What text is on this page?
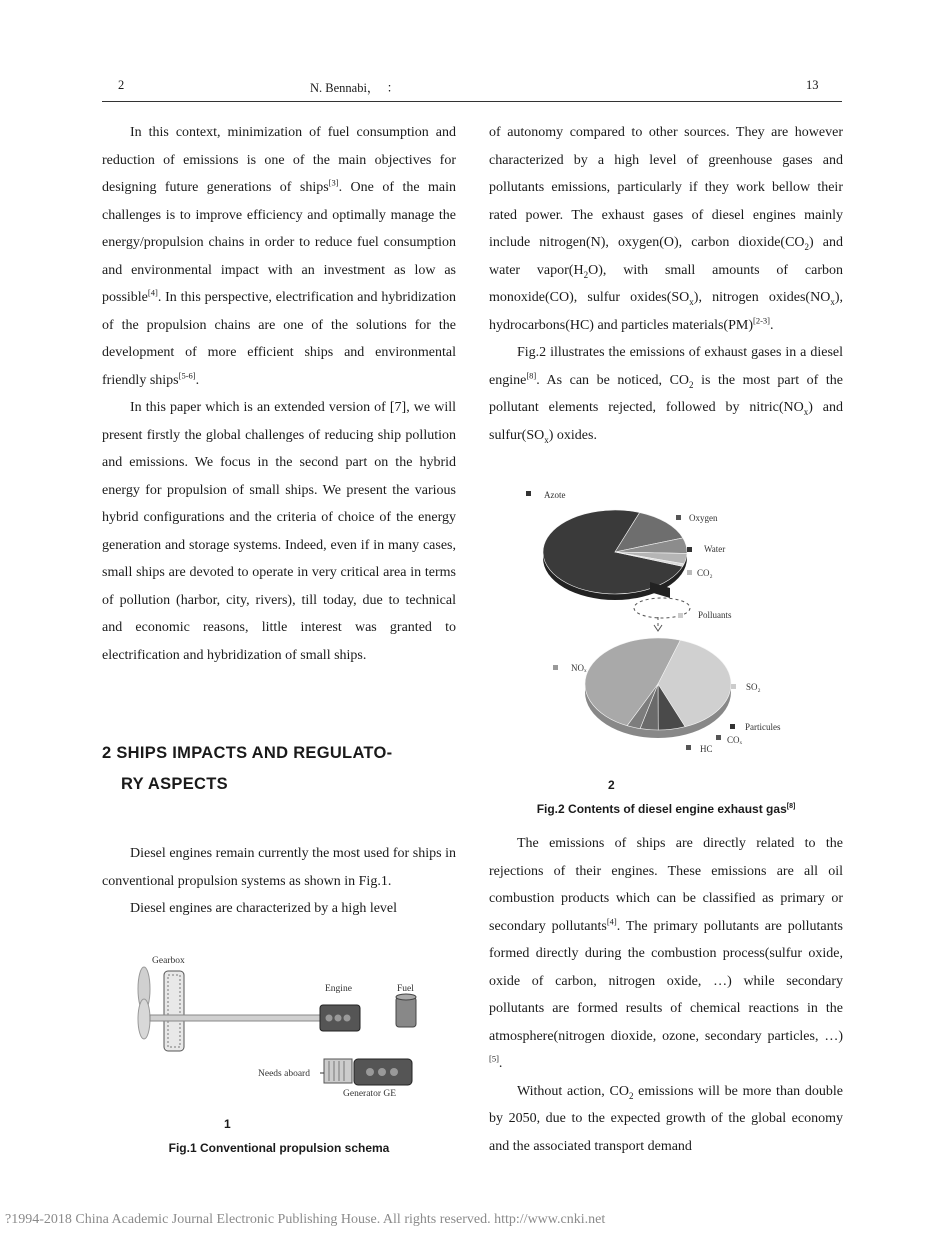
2	N. Bennabi， ：	13

In this context, minimization of fuel consumption and reduction of emissions is one of the main objectives for designing future generations of ships[3]. One of the main challenges is to improve efficiency and optimally manage the energy/propulsion chains in order to reduce fuel consumption and environmental impact with an investment as low as possible[4]. In this perspective, electrification and hybridization of the propulsion chains are one of the solutions for the development of more efficient ships and environmental friendly ships[5-6].

In this paper which is an extended version of [7], we will present firstly the global challenges of reducing ship pollution and emissions. We focus in the second part on the hybrid energy for propulsion of small ships. We present the various hybrid configurations and the criteria of choice of the energy generation and storage systems. Indeed, even if in many cases, small ships are devoted to operate in very critical area in terms of pollution (harbor, city, rivers), till today, due to technical and economic reasons, little interest was granted to electrification and hybridization of small ships.

2 SHIPS IMPACTS AND REGULATO-
RY ASPECTS

Diesel engines remain currently the most used for ships in conventional propulsion systems as shown in Fig.1.

Diesel engines are characterized by a high level

Gearbox
Engine	Fuel
Needs aboard
Generator GE
1
Fig.1 Conventional propulsion schema

of autonomy compared to other sources. They are however characterized by a high level of greenhouse gases and pollutants emissions, particularly if they work bellow their rated power. The exhaust gases of diesel engines mainly include nitrogen(N), oxygen(O), carbon $dioxide(CO_2)$ and water $vapor(H_2O)$, with small amounts of carbon monoxide(CO), sulfur $oxides(SO_x)$, nitrogen $oxides(NO_x)$, hydrocarbons(HC) and particles materials(PM)[2-3].

Fig.2 illustrates the emissions of exhaust gases in a diesel engine[8]. As can be noticed, $CO_2$ is the most part of the pollutant elements rejected, followed by $nitric(NO_x)$ and $sulfur(SO_x)$ oxides.

Azote
Oxygen
Water
CO₂
Polluants
NOₓ
SO₂
Particules
COₓ
HC
2
Fig.2 Contents of diesel engine exhaust gas[8]

The emissions of ships are directly related to the rejections of their engines. These emissions are all oil combustion products which can be classified as primary or secondary pollutants[4]. The primary pollutants are pollutants formed directly during the combustion process(sulfur oxide, oxide of carbon, nitrogen oxide, …) while secondary pollutants are formed results of chemical reactions in the atmosphere(nitrogen dioxide, ozone, secondary particles, …)[5].

Without action, $CO_2$ emissions will be more than double by 2050, due to the expected growth of the global economy and the associated transport demand

?1994-2018 China Academic Journal Electronic Publishing House. All rights reserved. http://www.cnki.net
